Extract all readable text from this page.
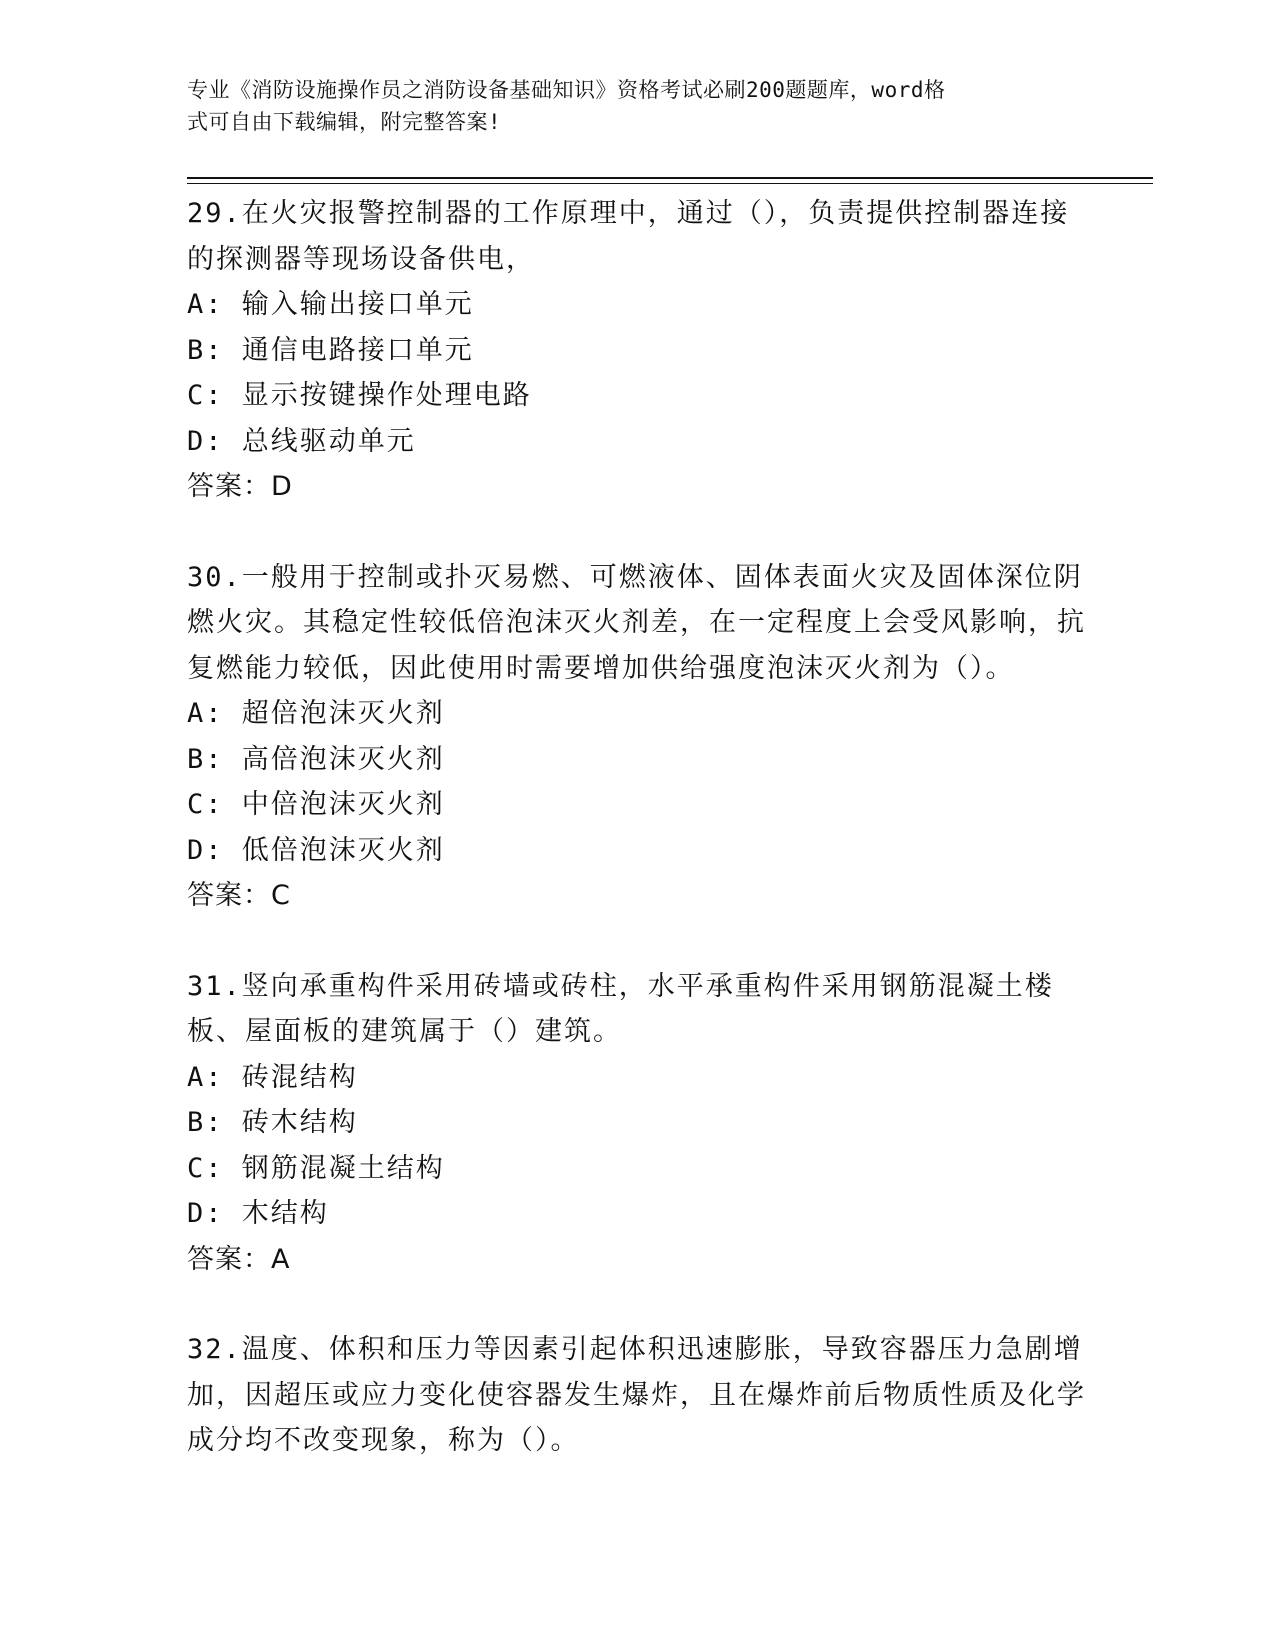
专业《消防设施操作员之消防设备基础知识》资格考试必刷200题题库，word格
式可自由下载编辑，附完整答案!
29.在火灾报警控制器的工作原理中，通过（），负责提供控制器连接的探测器等现场设备供电，
A: 输入输出接口单元
B: 通信电路接口单元
C: 显示按键操作处理电路
D: 总线驱动单元
答案：D
30.一般用于控制或扑灭易燃、可燃液体、固体表面火灾及固体深位阴燃火灾。其稳定性较低倍泡沫灭火剂差，在一定程度上会受风影响，抗复燃能力较低，因此使用时需要增加供给强度泡沫灭火剂为（）。
A: 超倍泡沫灭火剂
B: 高倍泡沫灭火剂
C: 中倍泡沫灭火剂
D: 低倍泡沫灭火剂
答案：C
31.竖向承重构件采用砖墙或砖柱，水平承重构件采用钢筋混凝土楼板、屋面板的建筑属于（）建筑。
A: 砖混结构
B: 砖木结构
C: 钢筋混凝土结构
D: 木结构
答案：A
32.温度、体积和压力等因素引起体积迅速膨胀，导致容器压力急剧增加，因超压或应力变化使容器发生爆炸，且在爆炸前后物质性质及化学成分均不改变现象，称为（）。
